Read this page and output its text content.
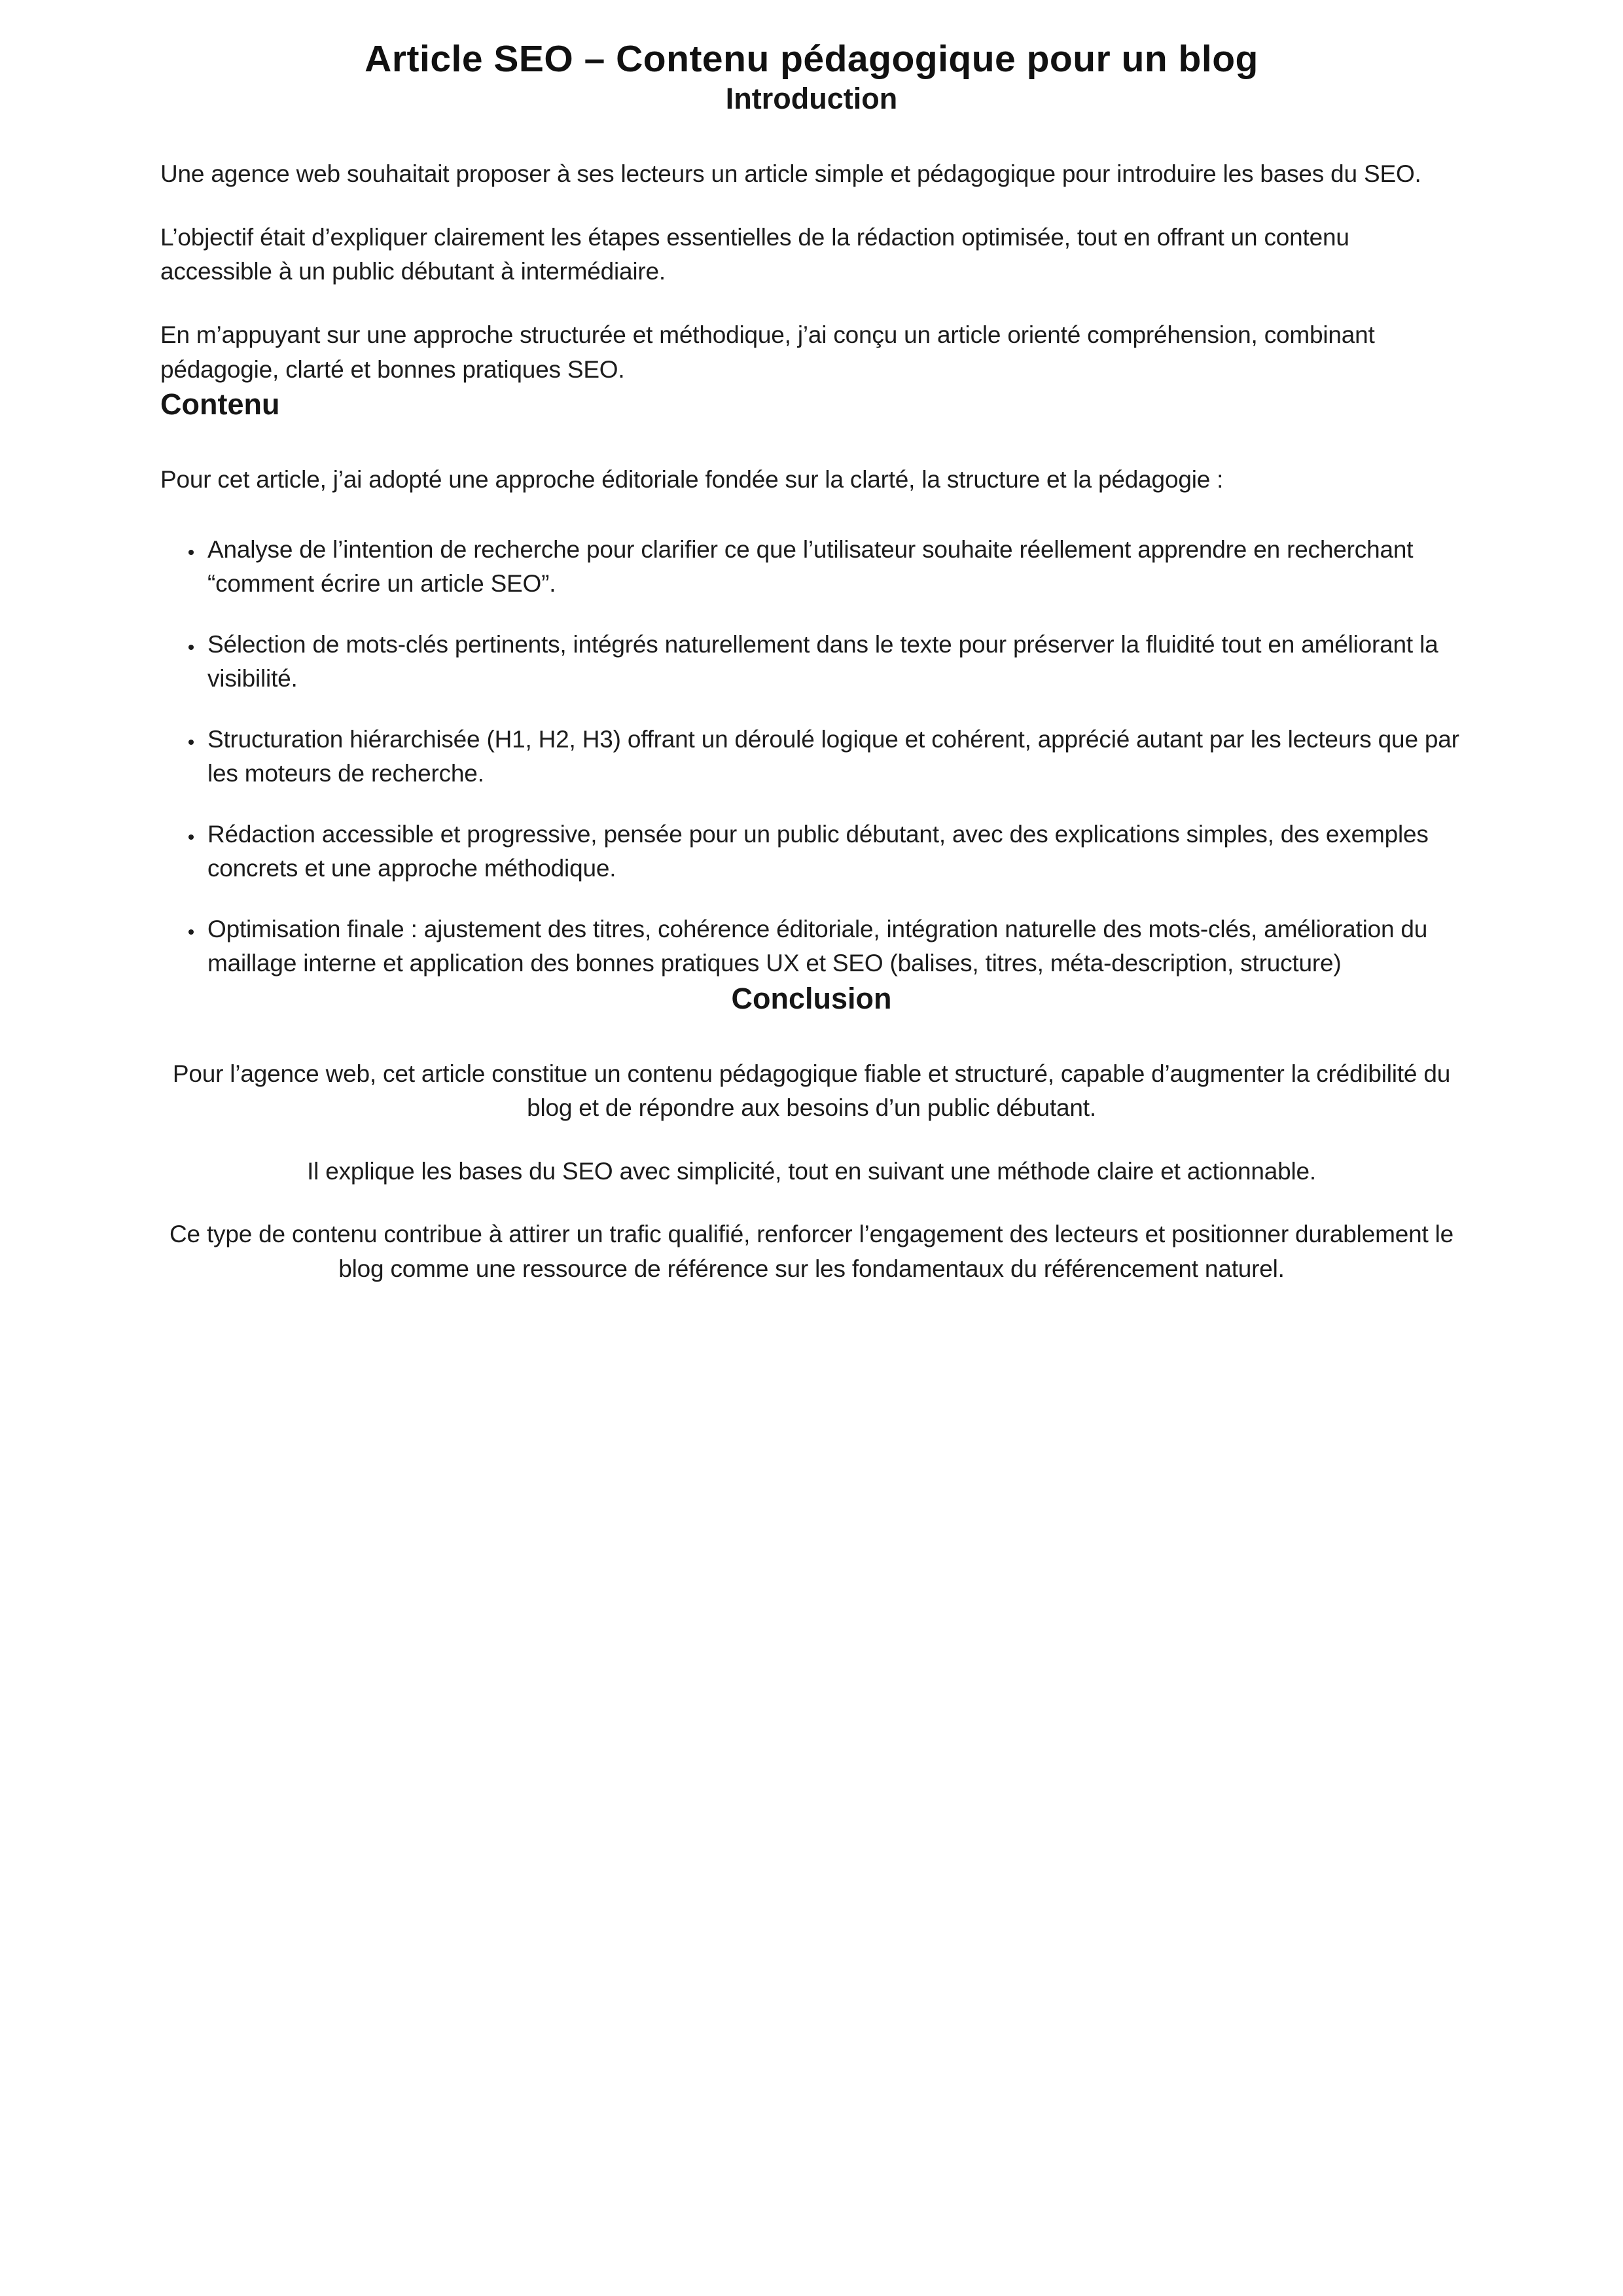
Article SEO – Contenu pédagogique pour un blog
Introduction

Une agence web souhaitait proposer à ses lecteurs un article simple et pédagogique pour introduire les bases du SEO.

L’objectif était d’expliquer clairement les étapes essentielles de la rédaction optimisée, tout en offrant un contenu accessible à un public débutant à intermédiaire.

En m’appuyant sur une approche structurée et méthodique, j’ai conçu un article orienté compréhension, combinant pédagogie, clarté et bonnes pratiques SEO.

Contenu

Pour cet article, j’ai adopté une approche éditoriale fondée sur la clarté, la structure et la pédagogie :

• Analyse de l’intention de recherche pour clarifier ce que l’utilisateur souhaite réellement apprendre en recherchant “comment écrire un article SEO”.
• Sélection de mots-clés pertinents, intégrés naturellement dans le texte pour préserver la fluidité tout en améliorant la visibilité.
• Structuration hiérarchisée (H1, H2, H3) offrant un déroulé logique et cohérent, apprécié autant par les lecteurs que par les moteurs de recherche.
• Rédaction accessible et progressive, pensée pour un public débutant, avec des explications simples, des exemples concrets et une approche méthodique.
• Optimisation finale : ajustement des titres, cohérence éditoriale, intégration naturelle des mots-clés, amélioration du maillage interne et application des bonnes pratiques UX et SEO (balises, titres, méta-description, structure)
Conclusion

Pour l’agence web, cet article constitue un contenu pédagogique fiable et structuré, capable d’augmenter la crédibilité du blog et de répondre aux besoins d’un public débutant.

Il explique les bases du SEO avec simplicité, tout en suivant une méthode claire et actionnable.

Ce type de contenu contribue à attirer un trafic qualifié, renforcer l’engagement des lecteurs et positionner durablement le blog comme une ressource de référence sur les fondamentaux du référencement naturel.
